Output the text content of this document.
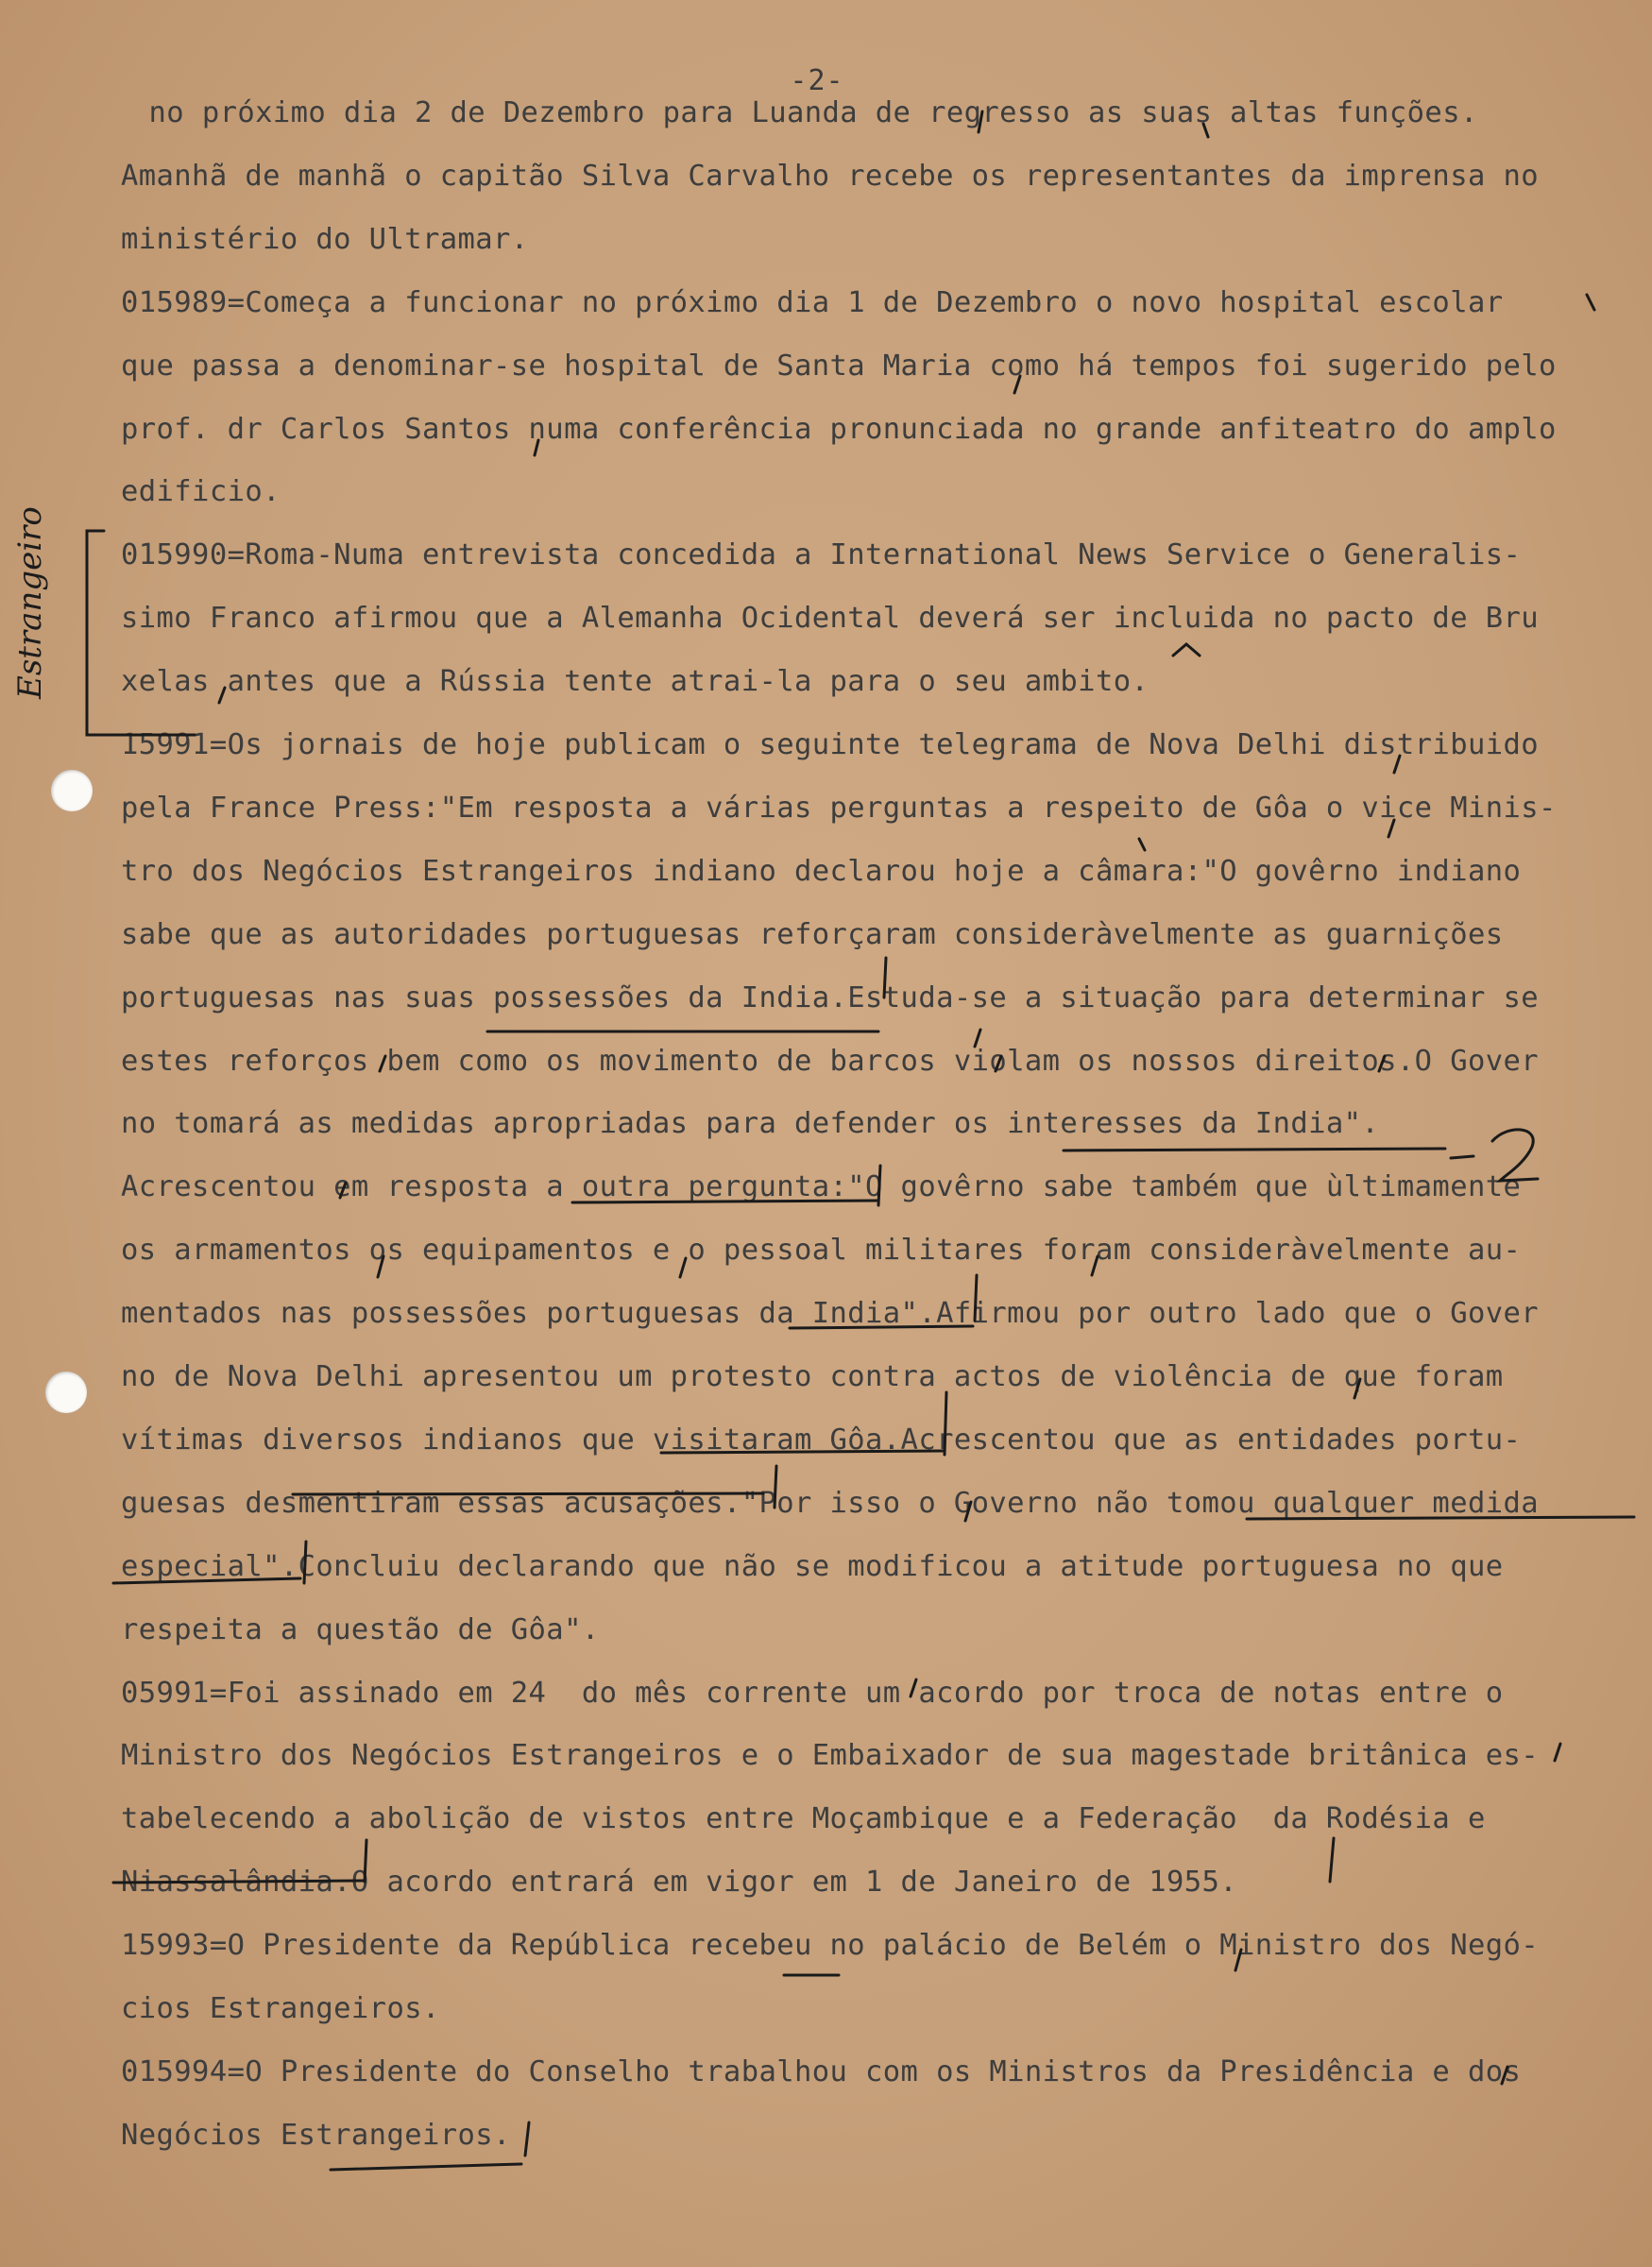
-2-
Estrangeiro
no próximo dia 2 de Dezembro para Luanda de regresso as suas altas funções.
Amanhã de manhã o capitão Silva Carvalho recebe os representantes da imprensa no
ministério do Ultramar.
015989=Começa a funcionar no próximo dia 1 de Dezembro o novo hospital escolar
que passa a denominar-se hospital de Santa Maria como há tempos foi sugerido pelo
prof. dr Carlos Santos numa conferência pronunciada no grande anfiteatro do amplo
edificio.
015990=Roma-Numa entrevista concedida a International News Service o Generalis-
simo Franco afirmou que a Alemanha Ocidental deverá ser incluida no pacto de Bru
xelas antes que a Rússia tente atrai-la para o seu ambito.
15991=Os jornais de hoje publicam o seguinte telegrama de Nova Delhi distribuido
pela France Press:"Em resposta a várias perguntas a respeito de Gôa o vice Minis-
tro dos Negócios Estrangeiros indiano declarou hoje a câmara:"O govêrno indiano
sabe que as autoridades portuguesas reforçaram consideràvelmente as guarnições
portuguesas nas suas possessões da India.Estuda-se a situação para determinar se
estes reforços bem como os movimento de barcos violam os nossos direitos.O Gover
no tomará as medidas apropriadas para defender os interesses da India".
Acrescentou em resposta a outra pergunta:"O govêrno sabe também que ùltimamente
os armamentos os equipamentos e o pessoal militares foram consideràvelmente au-
mentados nas possessões portuguesas da India".Afirmou por outro lado que o Gover
no de Nova Delhi apresentou um protesto contra actos de violência de que foram
vítimas diversos indianos que visitaram Gôa.Acrescentou que as entidades portu-
guesas desmentiram essas acusações."Por isso o Governo não tomou qualquer medida
especial".Concluiu declarando que não se modificou a atitude portuguesa no que
respeita a questão de Gôa".
05991=Foi assinado em 24  do mês corrente um acordo por troca de notas entre o
Ministro dos Negócios Estrangeiros e o Embaixador de sua magestade britânica es-
tabelecendo a abolição de vistos entre Moçambique e a Federação  da Rodésia e
Niassalândia.O acordo entrará em vigor em 1 de Janeiro de 1955.
15993=O Presidente da República recebeu no palácio de Belém o Ministro dos Negó-
cios Estrangeiros.
015994=O Presidente do Conselho trabalhou com os Ministros da Presidência e dos
Negócios Estrangeiros.
